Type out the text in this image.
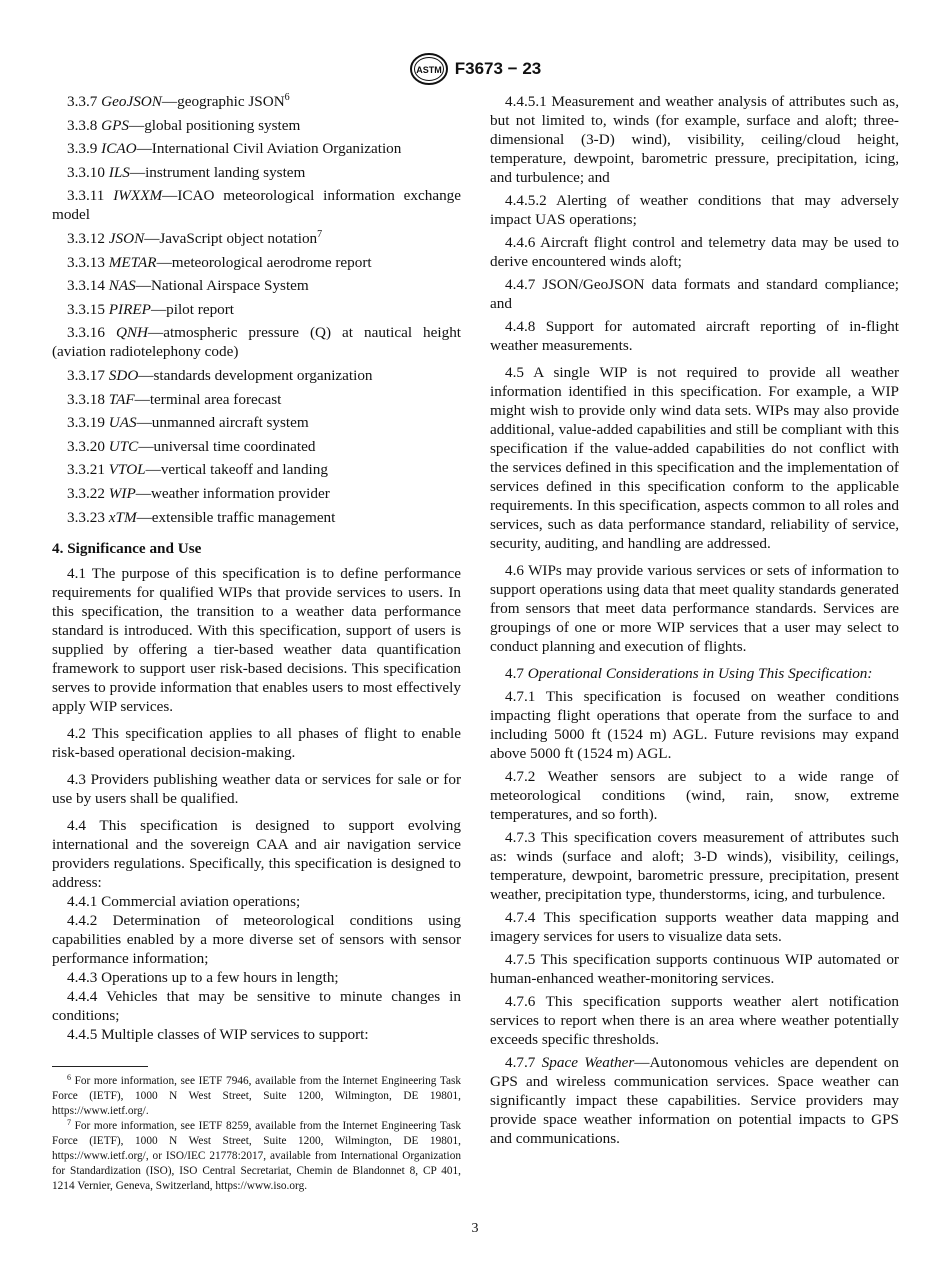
ASTM F3673 − 23

3.3.7 GeoJSON—geographic JSON$^6$

3.3.8 GPS—global positioning system

3.3.9 ICAO—International Civil Aviation Organization

3.3.10 ILS—instrument landing system

3.3.11 IWXXM—ICAO meteorological information exchange model

3.3.12 JSON—JavaScript object notation$^7$

3.3.13 METAR—meteorological aerodrome report

3.3.14 NAS—National Airspace System

3.3.15 PIREP—pilot report

3.3.16 QNH—atmospheric pressure (Q) at nautical height (aviation radiotelephony code)

3.3.17 SDO—standards development organization

3.3.18 TAF—terminal area forecast

3.3.19 UAS—unmanned aircraft system

3.3.20 UTC—universal time coordinated

3.3.21 VTOL—vertical takeoff and landing

3.3.22 WIP—weather information provider

3.3.23 xTM—extensible traffic management

4. Significance and Use

4.1 The purpose of this specification is to define performance requirements for qualified WIPs that provide services to users. In this specification, the transition to a weather data performance standard is introduced. With this specification, support of users is supplied by offering a tier-based weather data quantification framework to support user risk-based decisions. This specification serves to provide information that enables users to most effectively apply WIP services.

4.2 This specification applies to all phases of flight to enable risk-based operational decision-making.

4.3 Providers publishing weather data or services for sale or for use by users shall be qualified.

4.4 This specification is designed to support evolving international and the sovereign CAA and air navigation service providers regulations. Specifically, this specification is designed to address:

4.4.1 Commercial aviation operations;

4.4.2 Determination of meteorological conditions using capabilities enabled by a more diverse set of sensors with sensor performance information;

4.4.3 Operations up to a few hours in length;

4.4.4 Vehicles that may be sensitive to minute changes in conditions;

4.4.5 Multiple classes of WIP services to support:

$^6$ For more information, see IETF 7946, available from the Internet Engineering Task Force (IETF), 1000 N West Street, Suite 1200, Wilmington, DE 19801, https://www.ietf.org/.

$^7$ For more information, see IETF 8259, available from the Internet Engineering Task Force (IETF), 1000 N West Street, Suite 1200, Wilmington, DE 19801, https://www.ietf.org/, or ISO/IEC 21778:2017, available from International Organization for Standardization (ISO), ISO Central Secretariat, Chemin de Blandonnet 8, CP 401, 1214 Vernier, Geneva, Switzerland, https://www.iso.org.

4.4.5.1 Measurement and weather analysis of attributes such as, but not limited to, winds (for example, surface and aloft; three-dimensional (3-D) wind), visibility, ceiling/cloud height, temperature, dewpoint, barometric pressure, precipitation, icing, and turbulence; and

4.4.5.2 Alerting of weather conditions that may adversely impact UAS operations;

4.4.6 Aircraft flight control and telemetry data may be used to derive encountered winds aloft;

4.4.7 JSON/GeoJSON data formats and standard compliance; and

4.4.8 Support for automated aircraft reporting of in-flight weather measurements.

4.5 A single WIP is not required to provide all weather information identified in this specification. For example, a WIP might wish to provide only wind data sets. WIPs may also provide additional, value-added capabilities and still be compliant with this specification if the value-added capabilities do not conflict with the services defined in this specification and the implementation of services defined in this specification conform to the applicable requirements. In this specification, aspects common to all roles and services, such as data performance standard, reliability of service, security, auditing, and handling are addressed.

4.6 WIPs may provide various services or sets of information to support operations using data that meet quality standards generated from sensors that meet data performance standards. Services are groupings of one or more WIP services that a user may select to conduct planning and execution of flights.

4.7 Operational Considerations in Using This Specification:

4.7.1 This specification is focused on weather conditions impacting flight operations that operate from the surface to and including 5000 ft (1524 m) AGL. Future revisions may expand above 5000 ft (1524 m) AGL.

4.7.2 Weather sensors are subject to a wide range of meteorological conditions (wind, rain, snow, extreme temperatures, and so forth).

4.7.3 This specification covers measurement of attributes such as: winds (surface and aloft; 3-D winds), visibility, ceilings, temperature, dewpoint, barometric pressure, precipitation, present weather, precipitation type, thunderstorms, icing, and turbulence.

4.7.4 This specification supports weather data mapping and imagery services for users to visualize data sets.

4.7.5 This specification supports continuous WIP automated or human-enhanced weather-monitoring services.

4.7.6 This specification supports weather alert notification services to report when there is an area where weather potentially exceeds specific thresholds.

4.7.7 Space Weather—Autonomous vehicles are dependent on GPS and wireless communication services. Space weather can significantly impact these capabilities. Service providers may provide space weather information on potential impacts to GPS and communications.

3
